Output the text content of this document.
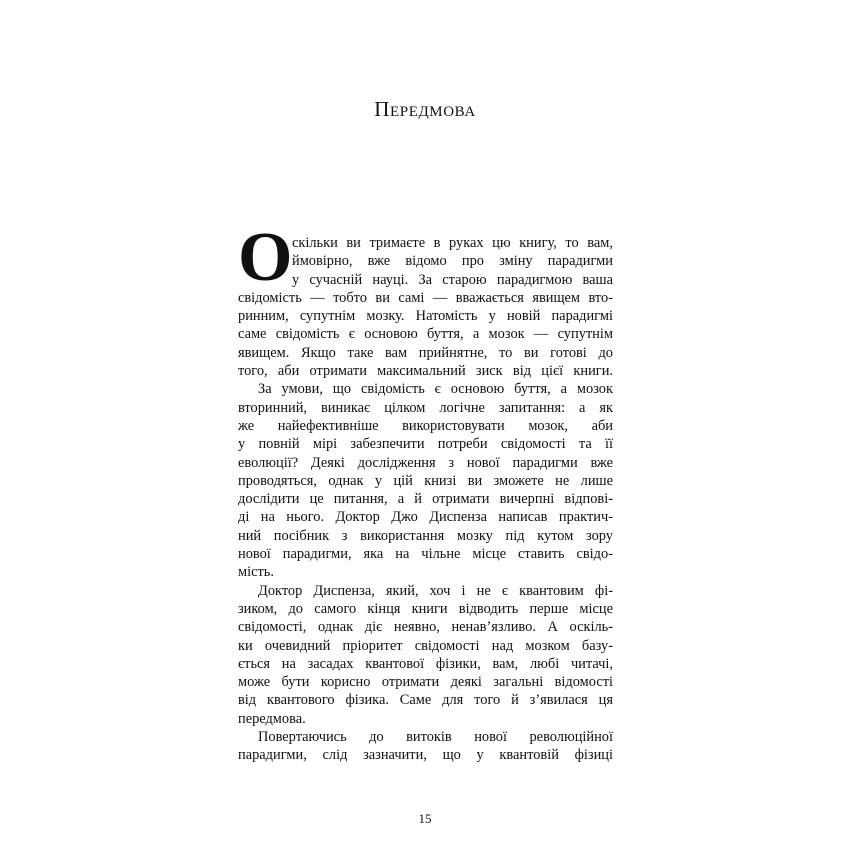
Передмова
О скільки ви тримаєте в руках цю книгу, то вам,
ймовірно, вже відомо про зміну парадигми
у сучасній науці. За старою парадигмою ваша
свідомість — тобто ви самі — вважається явищем вто-
ринним, супутнім мозку. Натомість у новій парадигмі
саме свідомість є основою буття, а мозок — супутнім
явищем. Якщо таке вам прийнятне, то ви готові до
того, аби отримати максимальний зиск від цієї книги.
За умови, що свідомість є основою буття, а мозок
вторинний, виникає цілком логічне запитання: а як
же найефективніше використовувати мозок, аби
у повній мірі забезпечити потреби свідомості та її
еволюції? Деякі дослідження з нової парадигми вже
проводяться, однак у цій книзі ви зможете не лише
дослідити це питання, а й отримати вичерпні відпові-
ді на нього. Доктор Джо Диспенза написав практич-
ний посібник з використання мозку під кутом зору
нової парадигми, яка на чільне місце ставить свідо-
мість.
Доктор Диспенза, який, хоч і не є квантовим фі-
зиком, до самого кінця книги відводить перше місце
свідомості, однак діє неявно, ненав’язливо. А оскіль-
ки очевидний пріоритет свідомості над мозком базу-
ється на засадах квантової фізики, вам, любі читачі,
може бути корисно отримати деякі загальні відомості
від квантового фізика. Саме для того й з’явилася ця
передмова.
Повертаючись до витоків нової революційної
парадигми, слід зазначити, що у квантовій фізиці
15
